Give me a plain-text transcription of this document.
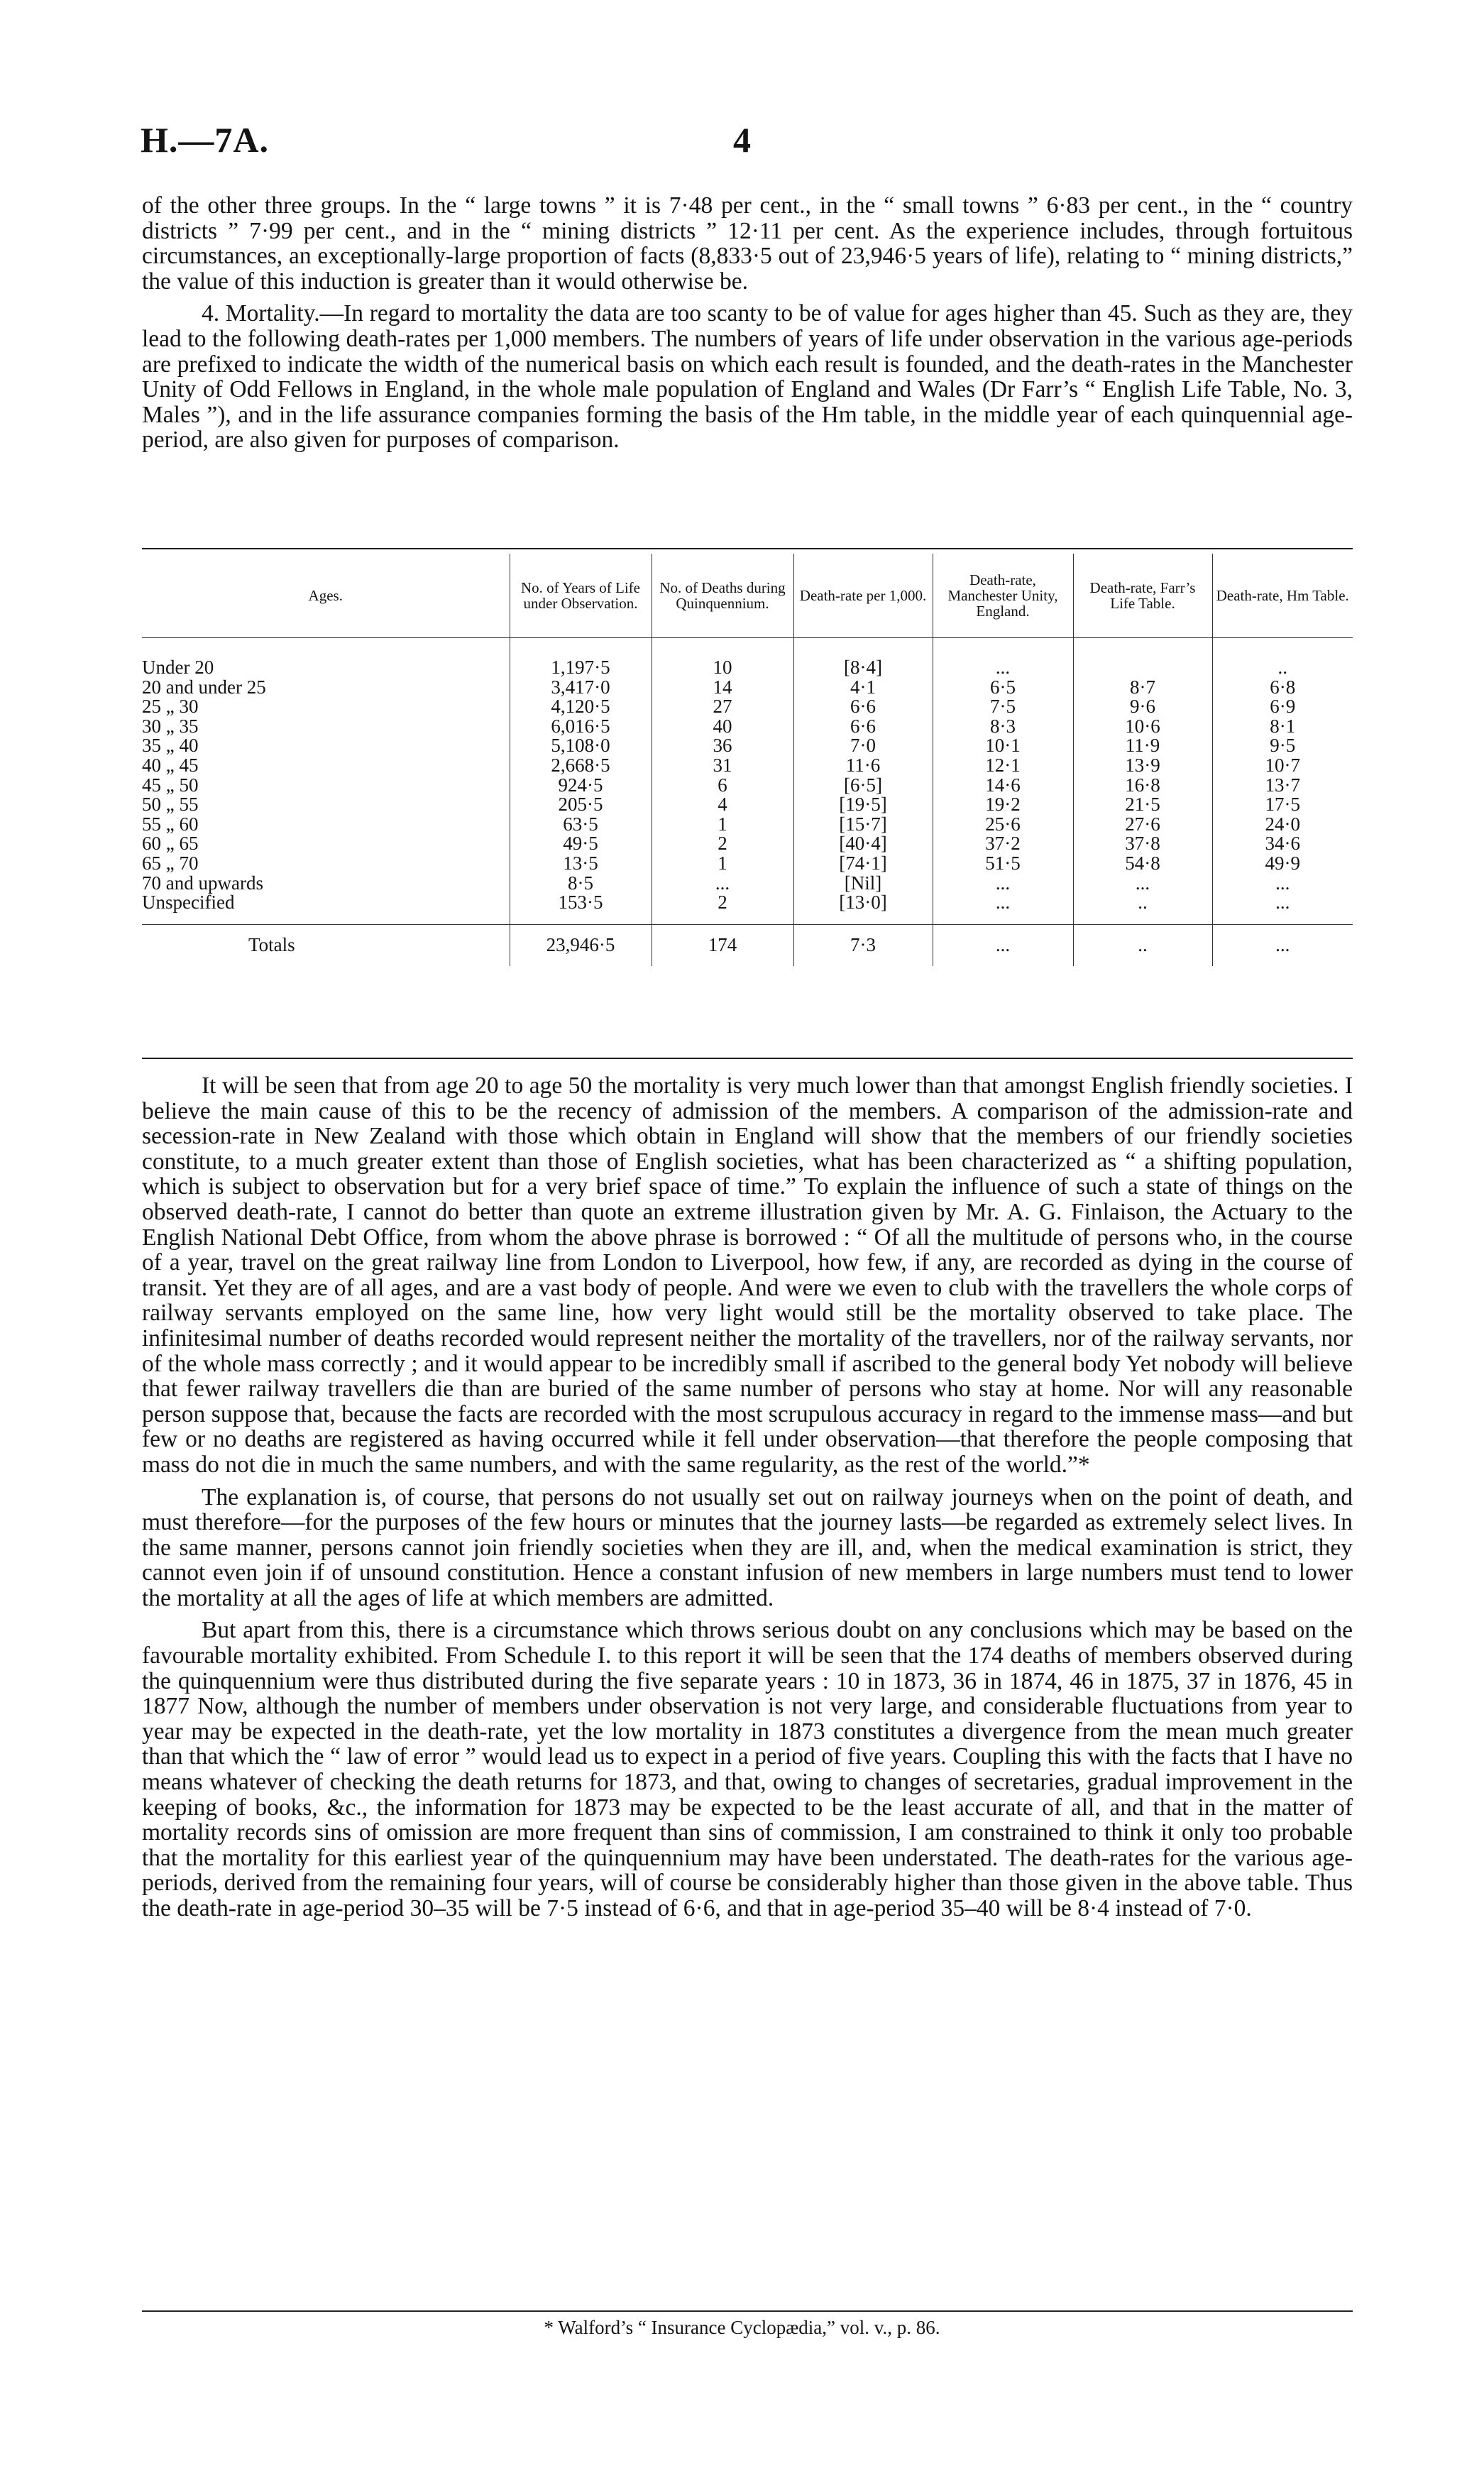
H.—7A.	4

of the other three groups. In the “ large towns ” it is 7·48 per cent., in the “ small towns ” 6·83 per cent., in the “ country districts ” 7·99 per cent., and in the “ mining districts ” 12·11 per cent. As the experience includes, through fortuitous circumstances, an exceptionally-large proportion of facts (8,833·5 out of 23,946·5 years of life), relating to “ mining districts,” the value of this induction is greater than it would otherwise be.

4. Mortality.—In regard to mortality the data are too scanty to be of value for ages higher than 45. Such as they are, they lead to the following death-rates per 1,000 members. The numbers of years of life under observation in the various age-periods are prefixed to indicate the width of the numerical basis on which each result is founded, and the death-rates in the Manchester Unity of Odd Fellows in England, in the whole male population of England and Wales (Dr Farr’s “ English Life Table, No. 3, Males ”), and in the life assurance companies forming the basis of the Hm table, in the middle year of each quinquennial age-period, are also given for purposes of comparison.

Ages.	No. of Years of Life under Observation.	No. of Deaths during Quinquennium.	Death-rate per 1,000.	Death-rate, Manchester Unity, England.	Death-rate, Farr’s Life Table.	Death-rate, Hm Table.

Under 20	1,197·5	10	[8·4]	...		..
20 and under 25	3,417·0	14	4·1	6·5	8·7	6·8
25 „ 30	4,120·5	27	6·6	7·5	9·6	6·9
30 „ 35	6,016·5	40	6·6	8·3	10·6	8·1
35 „ 40	5,108·0	36	7·0	10·1	11·9	9·5
40 „ 45	2,668·5	31	11·6	12·1	13·9	10·7
45 „ 50	924·5	6	[6·5]	14·6	16·8	13·7
50 „ 55	205·5	4	[19·5]	19·2	21·5	17·5
55 „ 60	63·5	1	[15·7]	25·6	27·6	24·0
60 „ 65	49·5	2	[40·4]	37·2	37·8	34·6
65 „ 70	13·5	1	[74·1]	51·5	54·8	49·9
70 and upwards	8·5	...	[Nil]	...	...	...
Unspecified	153·5	2	[13·0]	...	..	...

Totals	23,946·5	174	7·3	...	..	...

It will be seen that from age 20 to age 50 the mortality is very much lower than that amongst English friendly societies. I believe the main cause of this to be the recency of admission of the members. A comparison of the admission-rate and secession-rate in New Zealand with those which obtain in England will show that the members of our friendly societies constitute, to a much greater extent than those of English societies, what has been characterized as “ a shifting population, which is subject to observation but for a very brief space of time.” To explain the influence of such a state of things on the observed death-rate, I cannot do better than quote an extreme illustration given by Mr. A. G. Finlaison, the Actuary to the English National Debt Office, from whom the above phrase is borrowed : “ Of all the multitude of persons who, in the course of a year, travel on the great railway line from London to Liverpool, how few, if any, are recorded as dying in the course of transit. Yet they are of all ages, and are a vast body of people. And were we even to club with the travellers the whole corps of railway servants employed on the same line, how very light would still be the mortality observed to take place. The infinitesimal number of deaths recorded would represent neither the mortality of the travellers, nor of the railway servants, nor of the whole mass correctly ; and it would appear to be incredibly small if ascribed to the general body Yet nobody will believe that fewer railway travellers die than are buried of the same number of persons who stay at home. Nor will any reasonable person suppose that, because the facts are recorded with the most scrupulous accuracy in regard to the immense mass—and but few or no deaths are registered as having occurred while it fell under observation—that therefore the people composing that mass do not die in much the same numbers, and with the same regularity, as the rest of the world.”*

The explanation is, of course, that persons do not usually set out on railway journeys when on the point of death, and must therefore—for the purposes of the few hours or minutes that the journey lasts—be regarded as extremely select lives. In the same manner, persons cannot join friendly societies when they are ill, and, when the medical examination is strict, they cannot even join if of unsound constitution. Hence a constant infusion of new members in large numbers must tend to lower the mortality at all the ages of life at which members are admitted.

But apart from this, there is a circumstance which throws serious doubt on any conclusions which may be based on the favourable mortality exhibited. From Schedule I. to this report it will be seen that the 174 deaths of members observed during the quinquennium were thus distributed during the five separate years : 10 in 1873, 36 in 1874, 46 in 1875, 37 in 1876, 45 in 1877 Now, although the number of members under observation is not very large, and considerable fluctuations from year to year may be expected in the death-rate, yet the low mortality in 1873 constitutes a divergence from the mean much greater than that which the “ law of error ” would lead us to expect in a period of five years. Coupling this with the facts that I have no means whatever of checking the death returns for 1873, and that, owing to changes of secretaries, gradual improvement in the keeping of books, &c., the information for 1873 may be expected to be the least accurate of all, and that in the matter of mortality records sins of omission are more frequent than sins of commission, I am constrained to think it only too probable that the mortality for this earliest year of the quinquennium may have been understated. The death-rates for the various age-periods, derived from the remaining four years, will of course be considerably higher than those given in the above table. Thus the death-rate in age-period 30–35 will be 7·5 instead of 6·6, and that in age-period 35–40 will be 8·4 instead of 7·0.

* Walford’s “ Insurance Cyclopædia,” vol. v., p. 86.
